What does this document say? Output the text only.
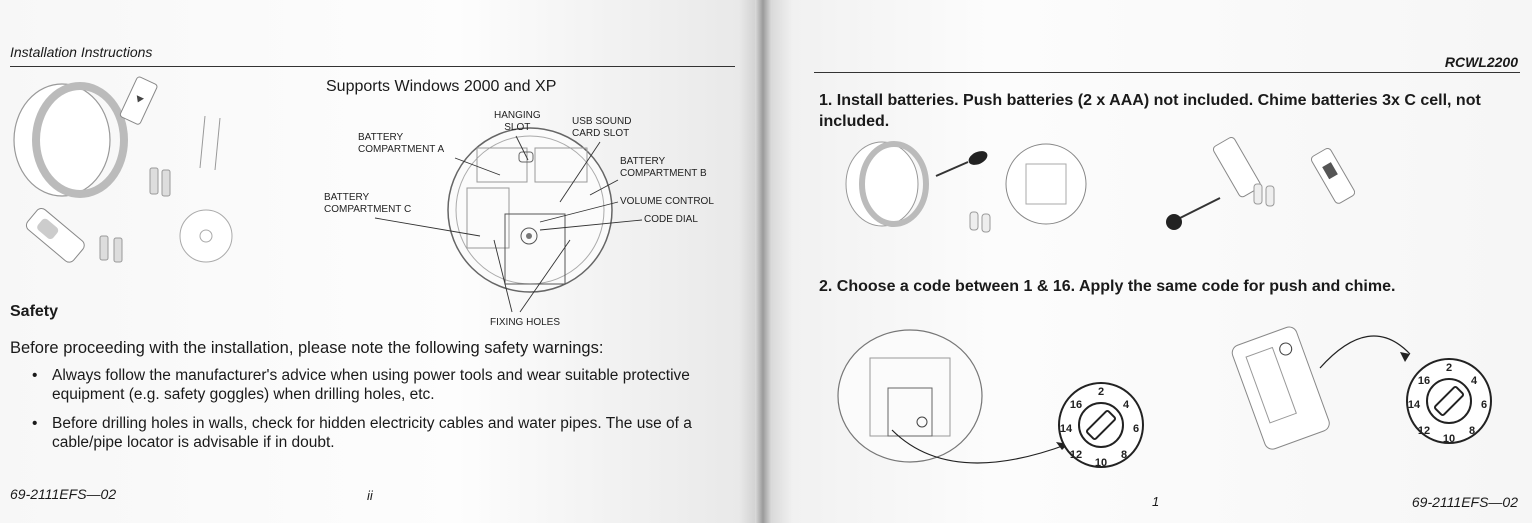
Installation Instructions
Supports Windows 2000 and XP
HANGING
SLOT
USB SOUND
CARD SLOT
BATTERY
COMPARTMENT A
BATTERY
COMPARTMENT B
BATTERY
COMPARTMENT C
VOLUME CONTROL
CODE DIAL
FIXING HOLES
Safety
Before proceeding with the installation, please note the following safety warnings:
• Always follow the manufacturer's advice when using power tools and wear suitable protective equipment (e.g. safety goggles) when drilling holes, etc.
• Before drilling holes in walls, check for hidden electricity cables and water pipes. The use of a cable/pipe locator is advisable if in doubt.
69-2111EFS—02	ii
RCWL2200
1. Install batteries. Push batteries (2 x AAA) not included. Chime batteries 3x C cell, not included.
2. Choose a code between 1 & 16. Apply the same code for push and chime.
2
4
6
8
10
12
14
16
2
4
6
8
10
12
14
16
1	69-2111EFS—02
